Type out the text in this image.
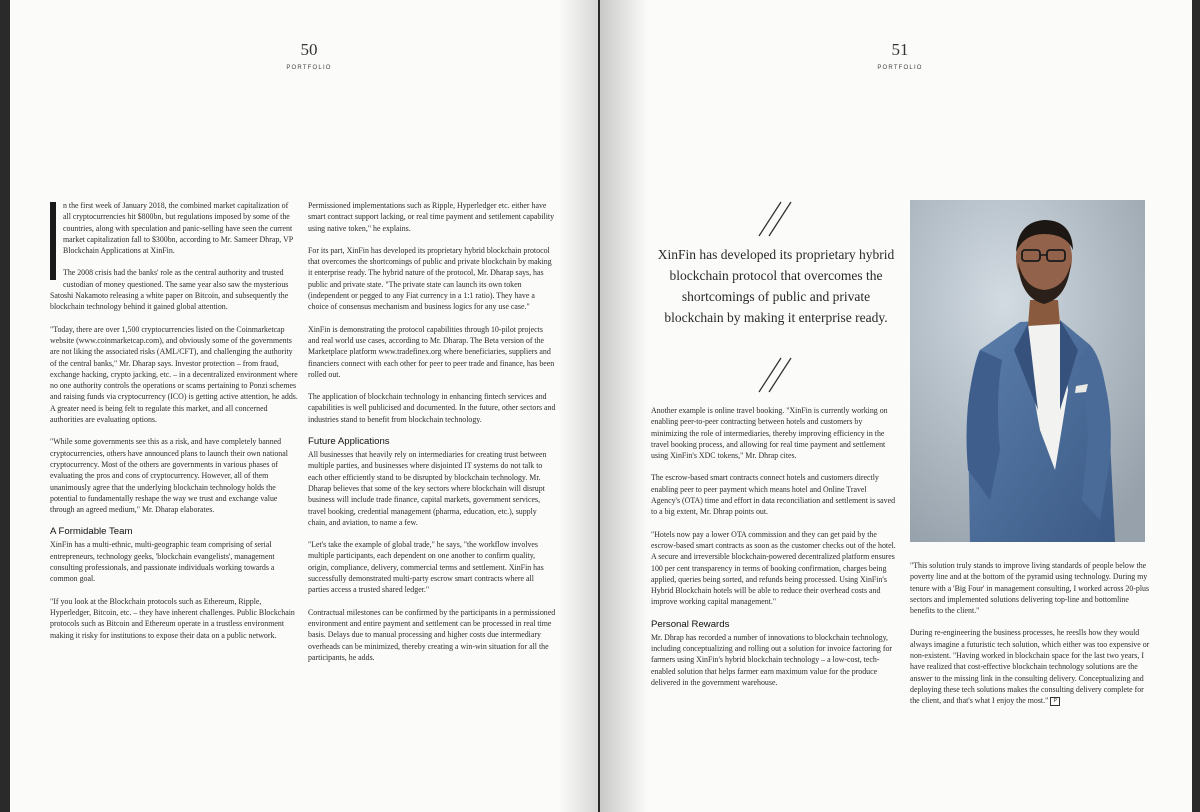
50
PORTFOLIO

n the first week of January 2018, the combined market capitalization of all cryptocurrencies hit $800bn, but regulations imposed by some of the countries, along with speculation and panic-selling have seen the current market capitalization fall to $300bn, according to Mr. Sameer Dhrap, VP Blockchain Applications at XinFin.

The 2008 crisis had the banks' role as the central authority and trusted custodian of money questioned. The same year also saw the mysterious Satoshi Nakamoto releasing a white paper on Bitcoin, and subsequently the blockchain technology behind it gained global attention.

"Today, there are over 1,500 cryptocurrencies listed on the Coinmarketcap website (www.coinmarketcap.com), and obviously some of the governments are not liking the associated risks (AML/CFT), and challenging the authority of the central banks," Mr. Dharap says. Investor protection – from fraud, exchange hacking, crypto jacking, etc. – in a decentralized environment where no one authority controls the operations or scams pertaining to Ponzi schemes and raising funds via cryptocurrency (ICO) is getting active attention, he adds. A greater need is being felt to regulate this market, and all concerned authorities are evaluating options.

"While some governments see this as a risk, and have completely banned cryptocurrencies, others have announced plans to launch their own national cryptocurrency. Most of the others are governments in various phases of evaluating the pros and cons of cryptocurrency. However, all of them unanimously agree that the underlying blockchain technology holds the potential to fundamentally reshape the way we trust and exchange value through an agreed medium," Mr. Dharap elaborates.

A Formidable Team

XinFin has a multi-ethnic, multi-geographic team comprising of serial entrepreneurs, technology geeks, 'blockchain evangelists', management consulting professionals, and passionate individuals working towards a common goal.

"If you look at the Blockchain protocols such as Ethereum, Ripple, Hyperledger, Bitcoin, etc. – they have inherent challenges. Public Blockchain protocols such as Bitcoin and Ethereum operate in a trustless environment making it risky for institutions to expose their data on a public network.

Permissioned implementations such as Ripple, Hyperledger etc. either have smart contract support lacking, or real time payment and settlement capability using native token," he explains.

For its part, XinFin has developed its proprietary hybrid blockchain protocol that overcomes the shortcomings of public and private blockchain by making it enterprise ready. The hybrid nature of the protocol, Mr. Dharap says, has public and private state. "The private state can launch its own token (independent or pegged to any Fiat currency in a 1:1 ratio). They have a choice of consensus mechanism and business logics for any use case."

XinFin is demonstrating the protocol capabilities through 10-pilot projects and real world use cases, according to Mr. Dharap. The Beta version of the Marketplace platform www.tradefinex.org where beneficiaries, suppliers and financiers connect with each other for peer to peer trade and finance, has been rolled out.

The application of blockchain technology in enhancing fintech services and capabilities is well publicised and documented. In the future, other sectors and industries stand to benefit from blockchain technology.

Future Applications

All businesses that heavily rely on intermediaries for creating trust between multiple parties, and businesses where disjointed IT systems do not talk to each other efficiently stand to be disrupted by blockchain technology. Mr. Dharap believes that some of the key sectors where blockchain will disrupt business will include trade finance, capital markets, government services, travel booking, credential management (pharma, education, etc.), supply chain, and aviation, to name a few.

"Let's take the example of global trade," he says, "the workflow involves multiple participants, each dependent on one another to confirm quality, origin, compliance, delivery, commercial terms and settlement. XinFin has successfully demonstrated multi-party escrow smart contracts where all parties access a trusted shared ledger."

Contractual milestones can be confirmed by the participants in a permissioned environment and entire payment and settlement can be processed in real time basis. Delays due to manual processing and higher costs due intermediary overheads can be minimized, thereby creating a win-win situation for all the participants, he adds.

51
PORTFOLIO
XinFin has developed its proprietary hybrid blockchain protocol that overcomes the shortcomings of public and private blockchain by making it enterprise ready.

Another example is online travel booking. "XinFin is currently working on enabling peer-to-peer contracting between hotels and customers by minimizing the role of intermediaries, thereby improving efficiency in the travel booking process, and allowing for real time payment and settlement using XinFin's XDC tokens," Mr. Dhrap cites.

The escrow-based smart contracts connect hotels and customers directly enabling peer to peer payment which means hotel and Online Travel Agency's (OTA) time and effort in data reconciliation and settlement is saved to a big extent, Mr. Dhrap points out.

"Hotels now pay a lower OTA commission and they can get paid by the escrow-based smart contracts as soon as the customer checks out of the hotel. A secure and irreversible blockchain-powered decentralized platform ensures 100 per cent transparency in terms of booking confirmation, charges being applied, queries being sorted, and refunds being processed. Using XinFin's Hybrid Blockchain hotels will be able to reduce their overhead costs and improve working capital management."

Personal Rewards

Mr. Dhrap has recorded a number of innovations to blockchain technology, including conceptualizing and rolling out a solution for invoice factoring for farmers using XinFin's hybrid blockchain technology – a low-cost, tech-enabled solution that helps farmer earn maximum value for the produce delivered in the government warehouse.

"This solution truly stands to improve living standards of people below the poverty line and at the bottom of the pyramid using technology. During my tenure with a 'Big Four' in management consulting, I worked across 20-plus sectors and implemented solutions delivering top-line and bottomline benefits to the client."

During re-engineering the business processes, he reeslls how they would always imagine a futuristic tech solution, which either was too expensive or non-existent. "Having worked in blockchain space for the last two years, I have realized that cost-effective blockchain technology solutions are the answer to the missing link in the consulting delivery. Conceptualizing and deploying these tech solutions makes the consulting delivery complete for the client, and that's what I enjoy the most." P
